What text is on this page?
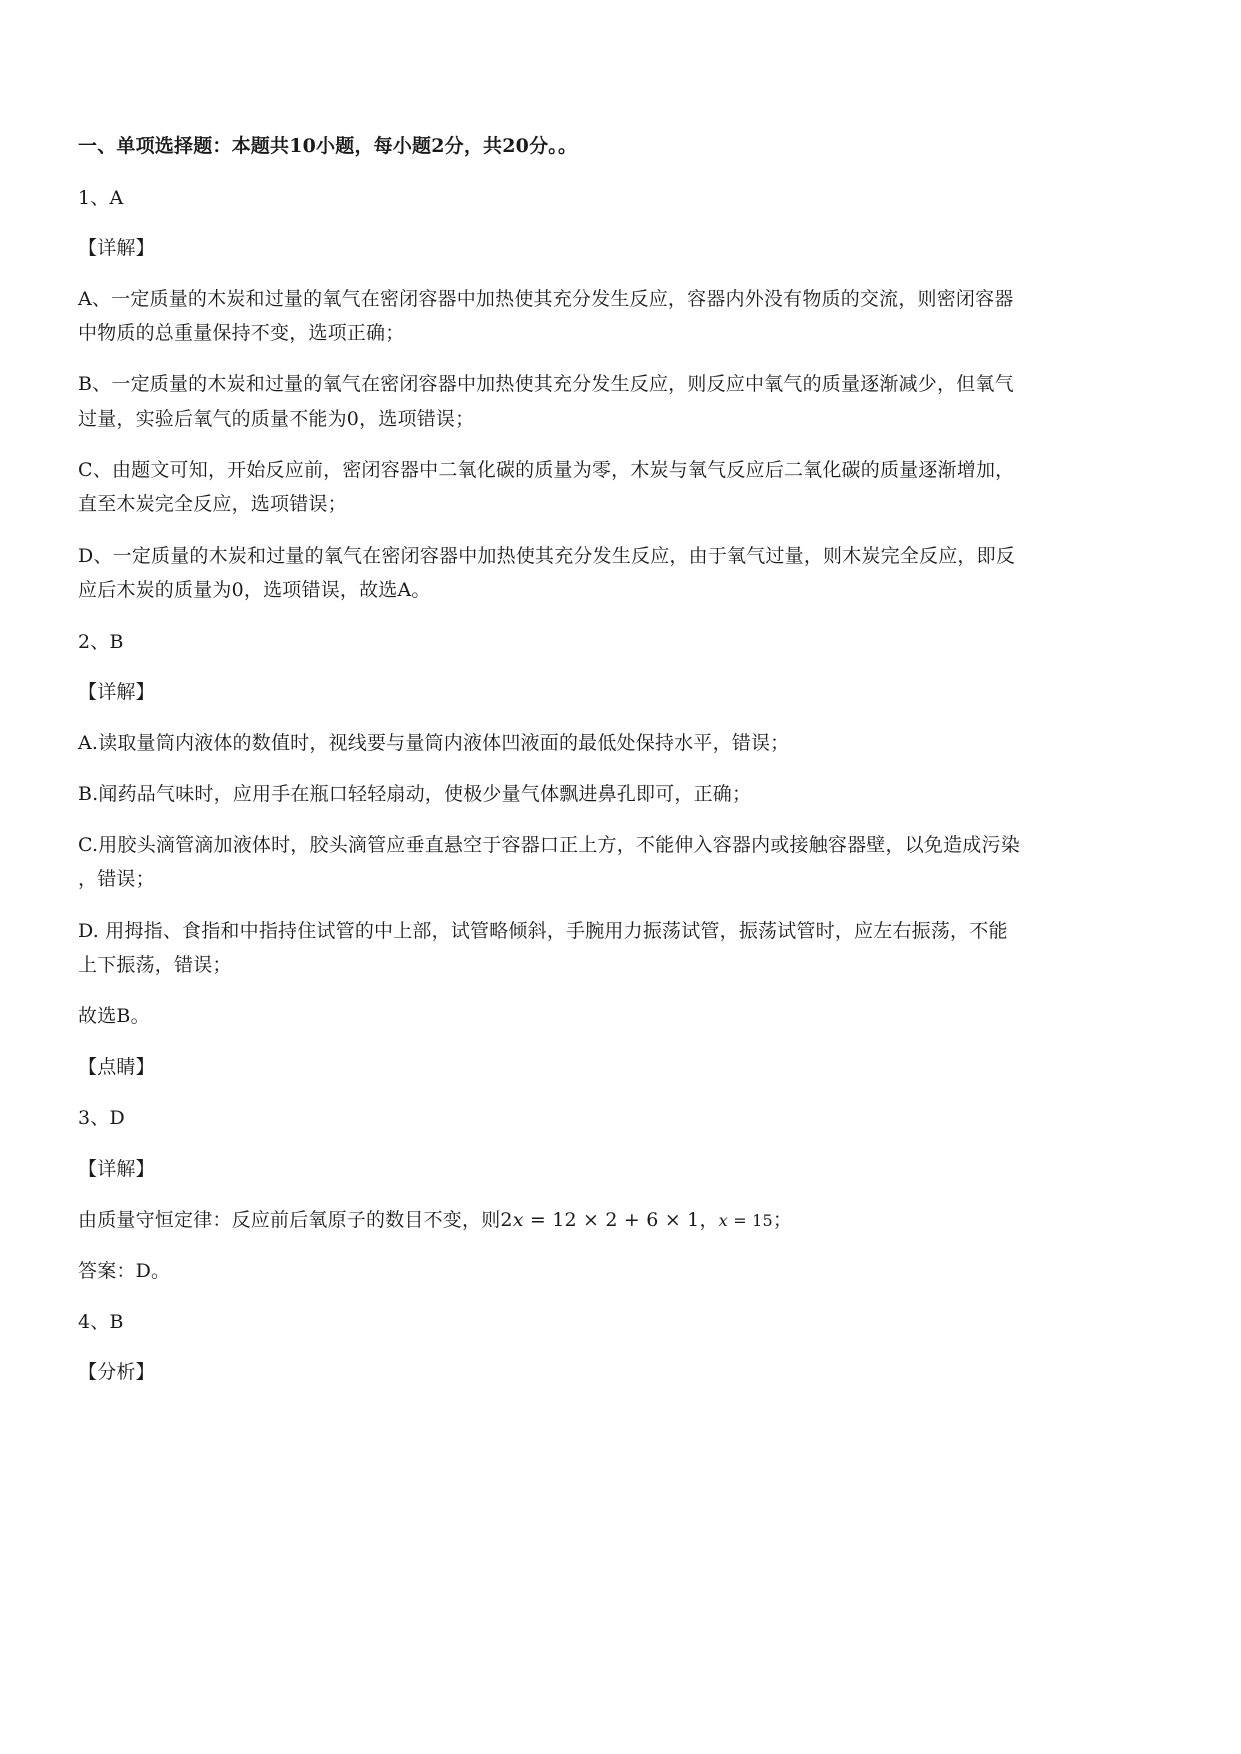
一、单项选择题：本题共10小题，每小题2分，共20分。。
1、A
【详解】
A、一定质量的木炭和过量的氧气在密闭容器中加热使其充分发生反应，容器内外没有物质的交流，则密闭容器
中物质的总重量保持不变，选项正确；
B、一定质量的木炭和过量的氧气在密闭容器中加热使其充分发生反应，则反应中氧气的质量逐渐减少，但氧气
过量，实验后氧气的质量不能为0，选项错误；
C、由题文可知，开始反应前，密闭容器中二氧化碳的质量为零，木炭与氧气反应后二氧化碳的质量逐渐增加，
直至木炭完全反应，选项错误；
D、一定质量的木炭和过量的氧气在密闭容器中加热使其充分发生反应，由于氧气过量，则木炭完全反应，即反
应后木炭的质量为0，选项错误，故选A。
2、B
【详解】
A.读取量筒内液体的数值时，视线要与量筒内液体凹液面的最低处保持水平，错误；
B.闻药品气味时，应用手在瓶口轻轻扇动，使极少量气体飘进鼻孔即可，正确；
C.用胶头滴管滴加液体时，胶头滴管应垂直悬空于容器口正上方，不能伸入容器内或接触容器壁，以免造成污染
，错误；
D. 用拇指、食指和中指持住试管的中上部，试管略倾斜，手腕用力振荡试管，振荡试管时，应左右振荡，不能
上下振荡，错误；
故选B。
【点睛】
3、D
【详解】
由质量守恒定律：反应前后氧原子的数目不变，则2x = 12 × 2 + 6 × 1，x = 15；
答案：D。
4、B
【分析】
